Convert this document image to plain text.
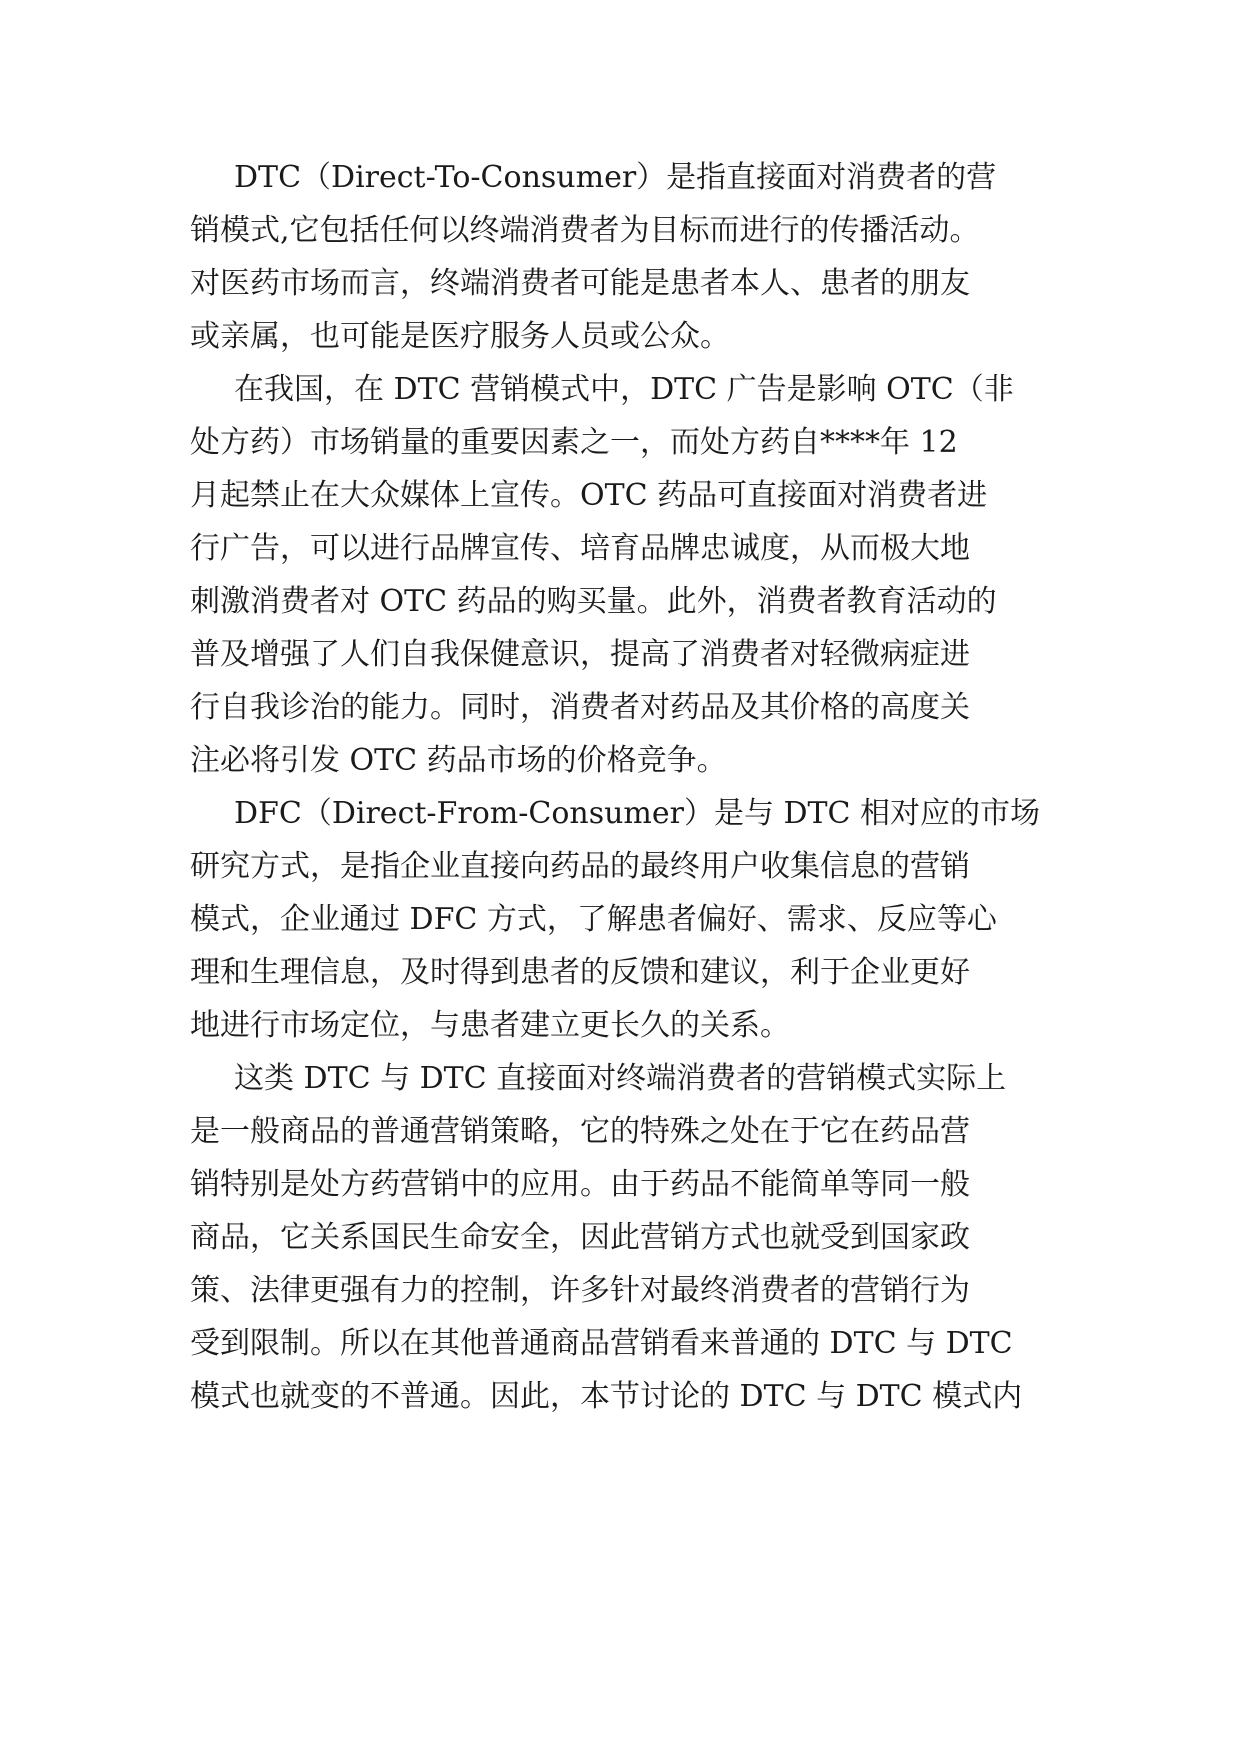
DTC（Direct-To-Consumer）是指直接面对消费者的营
销模式,它包括任何以终端消费者为目标而进行的传播活动。
对医药市场而言，终端消费者可能是患者本人、患者的朋友
或亲属，也可能是医疗服务人员或公众。
在我国，在 DTC 营销模式中，DTC 广告是影响 OTC（非
处方药）市场销量的重要因素之一，而处方药自****年 12
月起禁止在大众媒体上宣传。OTC 药品可直接面对消费者进
行广告，可以进行品牌宣传、培育品牌忠诚度，从而极大地
刺激消费者对 OTC 药品的购买量。此外，消费者教育活动的
普及增强了人们自我保健意识，提高了消费者对轻微病症进
行自我诊治的能力。同时，消费者对药品及其价格的高度关
注必将引发 OTC 药品市场的价格竞争。
DFC（Direct-From-Consumer）是与 DTC 相对应的市场
研究方式，是指企业直接向药品的最终用户收集信息的营销
模式，企业通过 DFC 方式，了解患者偏好、需求、反应等心
理和生理信息，及时得到患者的反馈和建议，利于企业更好
地进行市场定位，与患者建立更长久的关系。
这类 DTC 与 DTC 直接面对终端消费者的营销模式实际上
是一般商品的普通营销策略，它的特殊之处在于它在药品营
销特别是处方药营销中的应用。由于药品不能简单等同一般
商品，它关系国民生命安全，因此营销方式也就受到国家政
策、法律更强有力的控制，许多针对最终消费者的营销行为
受到限制。所以在其他普通商品营销看来普通的 DTC 与 DTC
模式也就变的不普通。因此，本节讨论的 DTC 与 DTC 模式内
